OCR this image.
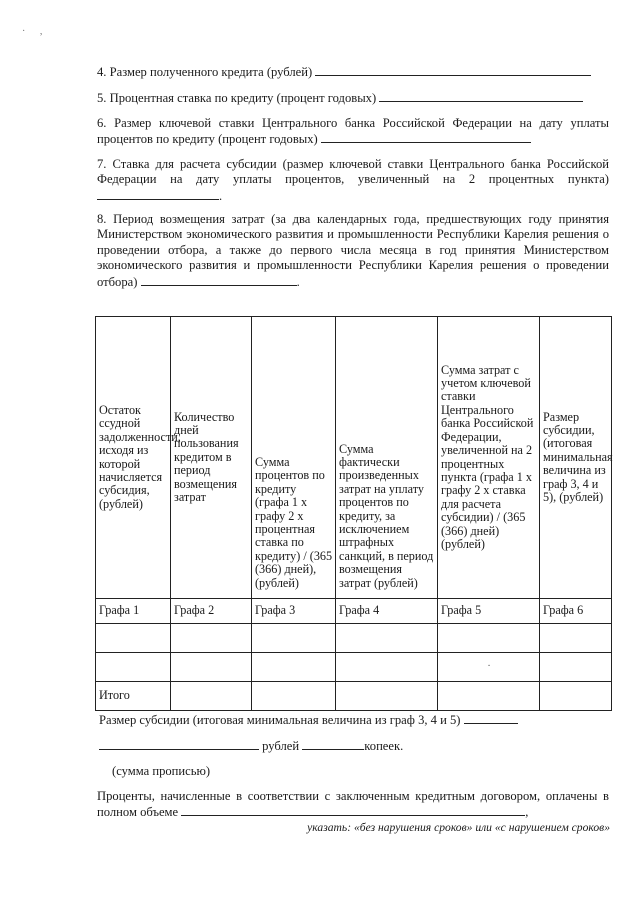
· ,
4. Размер полученного кредита (рублей)
5. Процентная ставка по кредиту (процент годовых)
6. Размер ключевой ставки Центрального банка Российской Федерации на дату уплаты процентов по кредиту (процент годовых)
7. Ставка для расчета субсидии (размер ключевой ставки Центрального банка Российской Федерации на дату уплаты процентов, увеличенный на 2 процентных пункта) .
8. Период возмещения затрат (за два календарных года, предшествующих году принятия Министерством экономического развития и промышленности Республики Карелия решения о проведении отбора, а также до первого числа месяца в год принятия Министерством экономического развития и промышленности Республики Карелия решения о проведении отбора)	.
Остаток ссудной задолженности, исходя из которой начисляется субсидия, (рублей)	Количество дней пользования кредитом в период возмещения затрат	Сумма процентов по кредиту (графа 1 х графу 2 х процентная ставка по кредиту) / (365 (366) дней), (рублей)	Сумма фактически произведенных затрат на уплату процентов по кредиту, за исключением штрафных санкций, в период возмещения затрат (рублей)	Сумма затрат с учетом ключевой ставки Центрального банка Российской Федерации, увеличенной на 2 процентных пункта (графа 1 х графу 2 х ставка для расчета субсидии) / (365 (366) дней) (рублей)	Размер субсидии, (итоговая минимальная величина из граф 3, 4 и 5), (рублей)
Графа 1	Графа 2	Графа 3	Графа 4	Графа 5	Графа 6

				·	
Итого					
Размер субсидии (итоговая минимальная величина из граф 3, 4 и 5)
рублей	копеек.
(сумма прописью)
Проценты, начисленные в соответствии с заключенным кредитным договором, оплачены в полном объеме	,
указать: «без нарушения сроков» или «с нарушением сроков»
